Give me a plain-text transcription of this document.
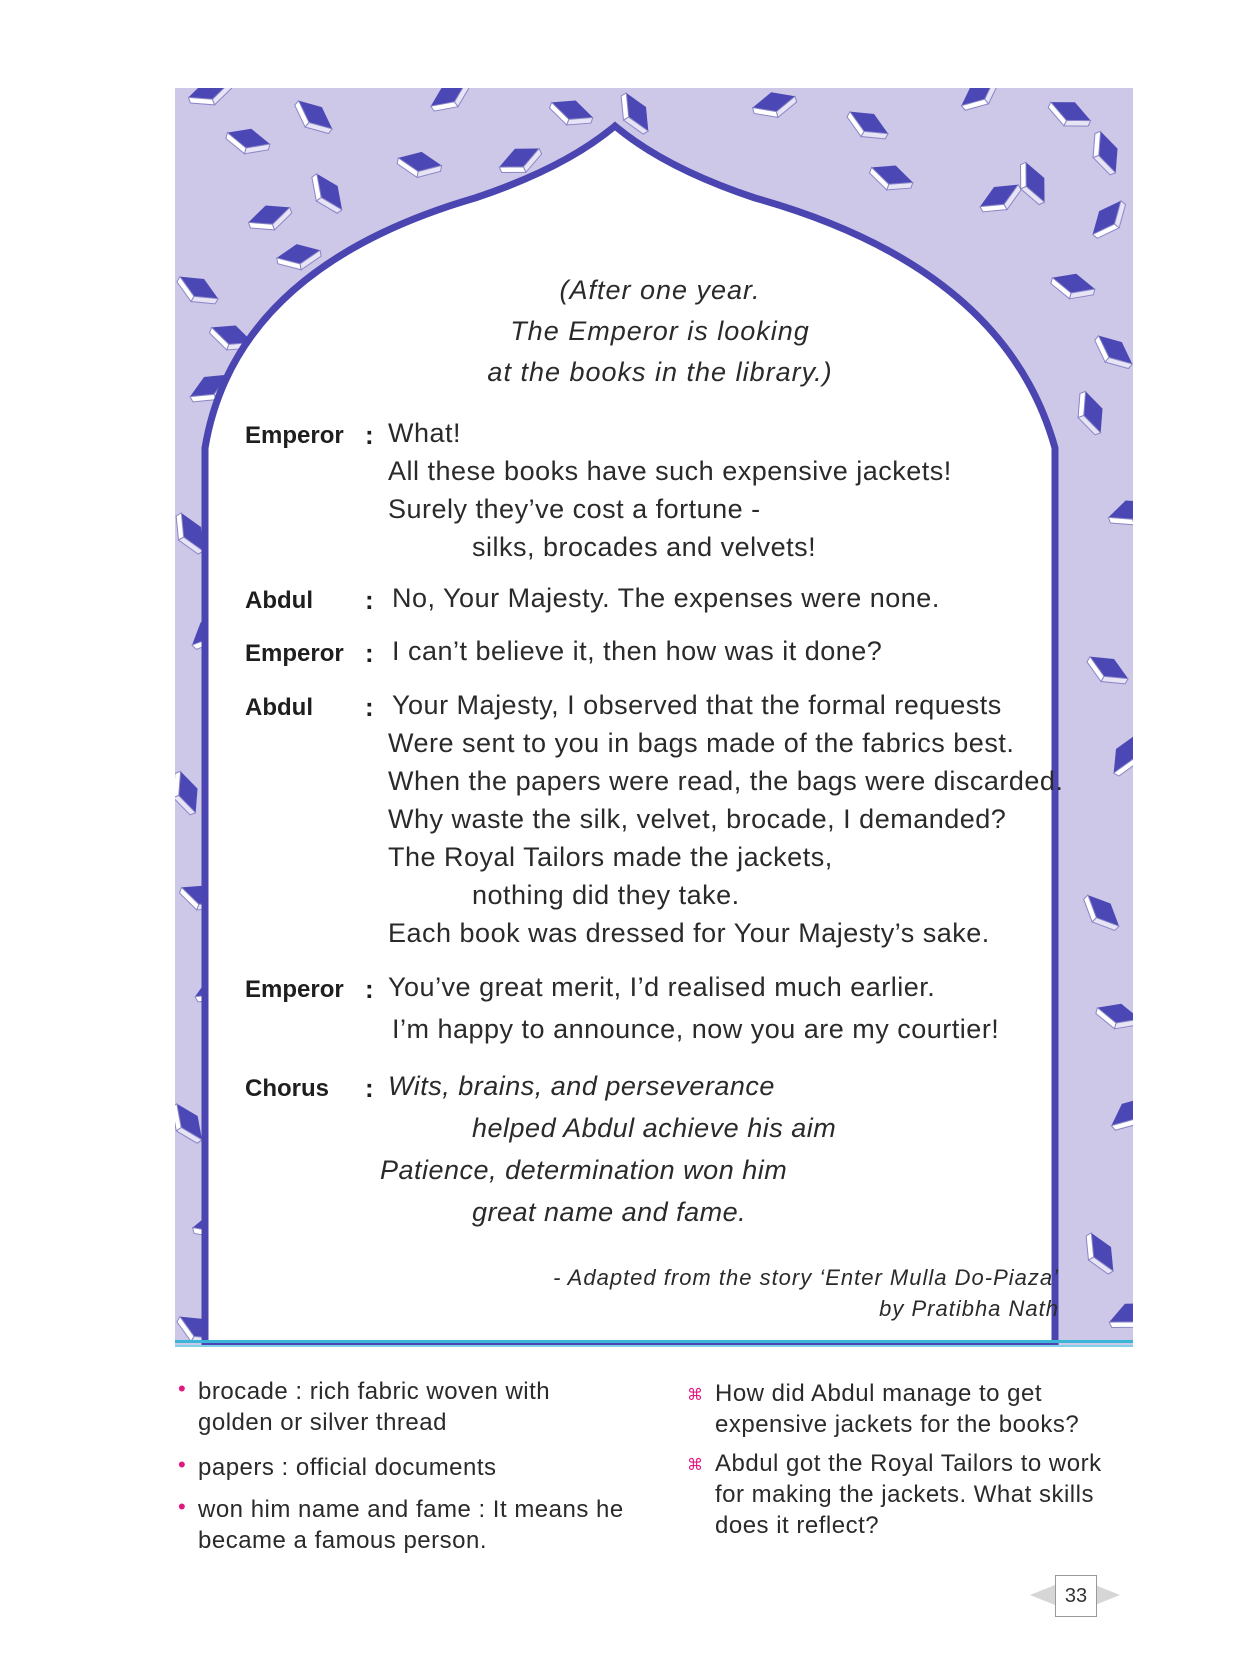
(After one year.
The Emperor is looking
at the books in the library.)
Emperor : What!
All these books have such expensive jackets!
Surely they’ve cost a fortune -
silks, brocades and velvets!
Abdul : No, Your Majesty. The expenses were none.
Emperor : I can’t believe it, then how was it done?
Abdul : Your Majesty, I observed that the formal requests
Were sent to you in bags made of the fabrics best.
When the papers were read, the bags were discarded.
Why waste the silk, velvet, brocade, I demanded?
The Royal Tailors made the jackets,
nothing did they take.
Each book was dressed for Your Majesty’s sake.
Emperor : You’ve great merit, I’d realised much earlier.
I’m happy to announce, now you are my courtier!
Chorus : Wits, brains, and perseverance
helped Abdul achieve his aim
Patience, determination won him
great name and fame.
- Adapted from the story ‘Enter Mulla Do-Piaza’
by Pratibha Nath
• brocade : rich fabric woven with
golden or silver thread
• papers : official documents
• won him name and fame : It means he
became a famous person.
⌘ How did Abdul manage to get
expensive jackets for the books?
⌘ Abdul got the Royal Tailors to work
for making the jackets. What skills
does it reflect?
33
